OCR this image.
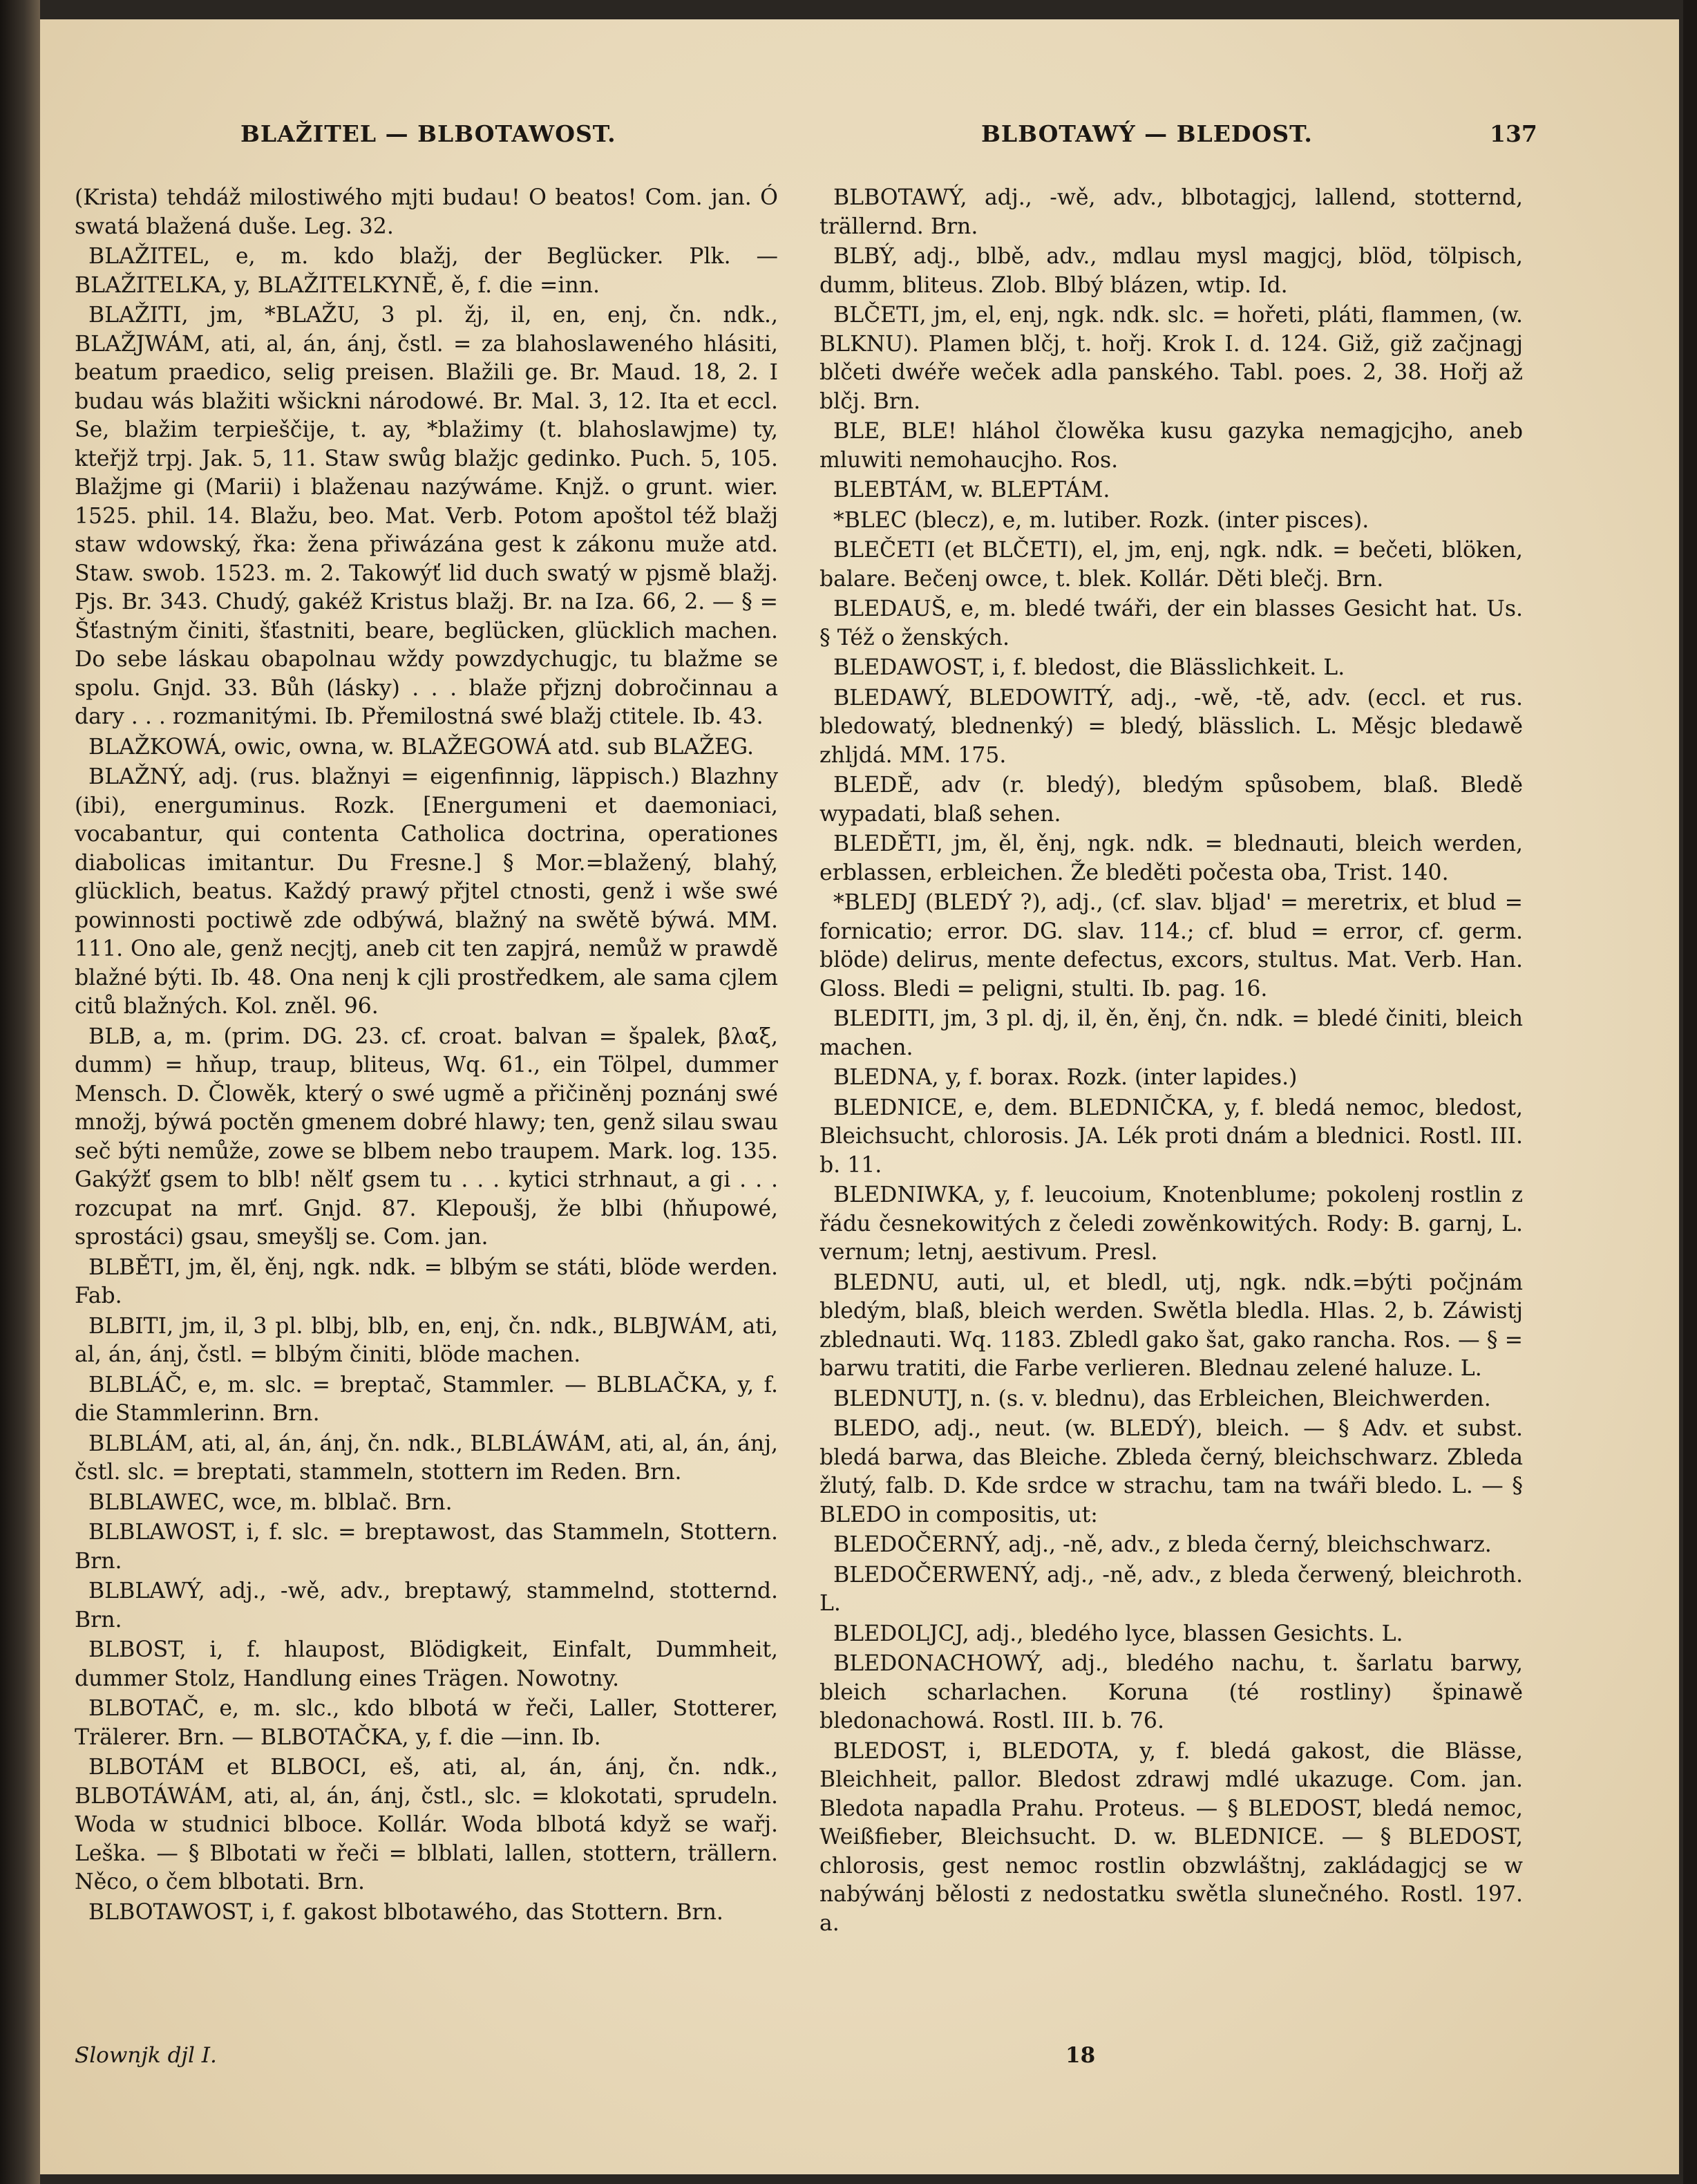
BLAŽITEL — BLBOTAWOST.	BLBOTAWÝ — BLEDOST.	137

(Krista) tehdáž milostiwého mjti budau! O beatos! Com. jan. Ó swatá blažená duše. Leg. 32.

BLAŽITEL, e, m. kdo blažj, der Beglücker. Plk. — BLAŽITELKA, y, BLAŽITELKYNĚ, ě, f. die =inn.

BLAŽITI, jm, *BLAŽU, 3 pl. žj, il, en, enj, čn. ndk., BLAŽJWÁM, ati, al, án, ánj, čstl. = za blahoslawenéhо hlásiti, beatum praedico, selig preisen. Blažili ge. Br. Maud. 18, 2. I budau wás blažiti wšickni národowé. Br. Mal. 3, 12. Ita et eccl. Se, blažim terpieščije, t. ay, *blažimy (t. blahoslawjme) ty, kteřjž trpj. Jak. 5, 11. Staw swůg blažjc gedinko. Puch. 5, 105. Blažjme gi (Marii) i blaženau nazýwáme. Knjž. o grunt. wier. 1525. phil. 14. Blažu, beo. Mat. Verb. Potom apoštol též blažj staw wdowský, řka: žena přiwázána gest k zákonu muže atd. Staw. swob. 1523. m. 2. Takowýť lid duch swatý w pjsmě blažj. Pjs. Br. 343. Chudý, gakéž Kristus blažj. Br. na Iza. 66, 2. — § = Šťastným činiti, šťastniti, beare, beglücken, glücklich machen. Do sebe láskau obapolnau wždy powzdychugjc, tu blažme se spolu. Gnjd. 33. Bůh (lásky) . . . blaže přjznj dobročinnau a dary . . . rozmanitými. Ib. Přemilostná swé blažj ctitele. Ib. 43.

BLAŽKOWÁ, owic, owna, w. BLAŽEGOWÁ atd. sub BLAŽEG.

BLAŽNÝ, adj. (rus. blažnyi = eigenfinnig, läppisch.) Blazhny (ibi), energuminus. Rozk. [Energumeni et daemoniaci, vocabantur, qui contenta Catholica doctrina, operationes diabolicas imitantur. Du Fresne.] § Mor.=blažený, blahý, glücklich, beatus. Každý prawý přjtel ctnosti, genž i wše swé powinnosti poctiwě zde odbýwá, blažný na swětě býwá. MM. 111. Ono ale, genž necjtj, aneb cit ten zapjrá, nemůž w prawdě blažné býti. Ib. 48. Ona nenj k cjli prostředkem, ale sama cjlem citů blažných. Kol. zněl. 96.

BLB, a, m. (prim. DG. 23. cf. croat. balvan = špalek, βλαξ, dumm) = hňup, traup, bliteus, Wq. 61., ein Tölpel, dummer Mensch. D. Člowěk, který o swé ugmě a přičiněnj poznánj swé množj, býwá poctěn gmenem dobré hlawy; ten, genž silau swau seč býti nemůže, zowe se blbem nebo traupem. Mark. log. 135. Gakýžť gsem to blb! nělť gsem tu . . . kytici strhnaut, a gi . . . rozcupat na mrť. Gnjd. 87. Klepoušj, že blbi (hňupowé, sprostáci) gsau, smeyšlj se. Com. jan.

BLBĚTI, jm, ěl, ěnj, ngk. ndk. = blbým se státi, blöde werden. Fab.

BLBITI, jm, il, 3 pl. blbj, blb, en, enj, čn. ndk., BLBJWÁM, ati, al, án, ánj, čstl. = blbým činiti, blöde machen.

BLBLÁČ, e, m. slc. = breptač, Stammler. — BLBLAČKA, y, f. die Stammlerinn. Brn.

BLBLÁM, ati, al, án, ánj, čn. ndk., BLBLÁWÁM, ati, al, án, ánj, čstl. slc. = breptati, stammeln, stottern im Reden. Brn.

BLBLAWEC, wce, m. blblač. Brn.

BLBLAWOST, i, f. slc. = breptawost, das Stammeln, Stottern. Brn.

BLBLAWÝ, adj., -wě, adv., breptawý, stammelnd, stotternd. Brn.

BLBOST, i, f. hlaupost, Blödigkeit, Einfalt, Dummheit, dummer Stolz, Handlung eines Trägen. Nowotny.

BLBOTAČ, e, m. slc., kdo blbotá w řeči, Laller, Stotterer, Trälerer. Brn. — BLBOTAČKA, y, f. die —inn. Ib.

BLBOTÁM et BLBOCI, eš, ati, al, án, ánj, čn. ndk., BLBOTÁWÁM, ati, al, án, ánj, čstl., slc. = klokotati, sprudeln. Woda w studnici blboce. Kollár. Woda blbotá když se wařj. Leška. — § Blbotati w řeči = blblati, lallen, stottern, trällern. Něco, o čem blbotati. Brn.

BLBOTAWOST, i, f. gakost blbotawého, das Stottern. Brn.

BLBOTAWÝ, adj., -wě, adv., blbotagjcj, lallend, stotternd, trällernd. Brn.

BLBÝ, adj., blbě, adv., mdlau mysl magjcj, blöd, tölpisch, dumm, bliteus. Zlob. Blbý blázen, wtip. Id.

BLČETI, jm, el, enj, ngk. ndk. slc. = hořeti, pláti, flammen, (w. BLKNU). Plamen blčj, t. hořj. Krok I. d. 124. Giž, giž začjnagj blčeti dwéře weček adla panského. Tabl. poes. 2, 38. Hořj až blčj. Brn.

BLE, BLE! hláhol člowěka kusu gazyka nemagjcjho, aneb mluwiti nemohaucjho. Ros.

BLEBTÁM, w. BLEPTÁM.

*BLEC (blecz), e, m. lutiber. Rozk. (inter pisces).

BLEČETI (et BLČETI), el, jm, enj, ngk. ndk. = bečeti, blöken, balare. Bečenj owce, t. blek. Kollár. Děti blečj. Brn.

BLEDAUŠ, e, m. bledé twáři, der ein blasses Gesicht hat. Us. § Též o ženských.

BLEDAWOST, i, f. bledost, die Blässlichkeit. L.

BLEDAWÝ, BLEDOWITÝ, adj., -wě, -tě, adv. (eccl. et rus. bledowatý, blednenký) = bledý, blässlich. L. Měsjc bledawě zhljdá. MM. 175.

BLEDĚ, adv (r. bledý), bledým spůsobem, blaß. Bledě wypadati, blaß sehen.

BLEDĚTI, jm, ěl, ěnj, ngk. ndk. = blednauti, bleich werden, erblassen, erbleichen. Že bleděti počesta oba, Trist. 140.

*BLEDJ (BLEDÝ ?), adj., (cf. slav. bljad' = meretrix, et blud = fornicatio; error. DG. slav. 114.; cf. blud = error, cf. germ. blöde) delirus, mente defectus, excors, stultus. Mat. Verb. Han. Gloss. Bledi = peligni, stulti. Ib. pag. 16.

BLEDITI, jm, 3 pl. dj, il, ěn, ěnj, čn. ndk. = bledé činiti, bleich machen.

BLEDNA, y, f. borax. Rozk. (inter lapides.)

BLEDNICE, e, dem. BLEDNIČKA, y, f. bledá nemoc, bledost, Bleichsucht, chlorosis. JA. Lék proti dnám a blednici. Rostl. III. b. 11.

BLEDNIWKA, y, f. leucoium, Knotenblume; pokolenj rostlin z řádu česnekowitých z čeledi zowěnkowitých. Rody: B. garnj, L. vernum; letnj, aestivum. Presl.

BLEDNU, auti, ul, et bledl, utj, ngk. ndk.=býti počjnám bledým, blaß, bleich werden. Swětla bledla. Hlas. 2, b. Záwistj zblednauti. Wq. 1183. Zbledl gako šat, gako rancha. Ros. — § = barwu tratiti, die Farbe verlieren. Blednau zelené haluze. L.

BLEDNUTJ, n. (s. v. blednu), das Erbleichen, Bleichwerden.

BLEDO, adj., neut. (w. BLEDÝ), bleich. — § Adv. et subst. bledá barwa, das Bleiche. Zbleda černý, bleichschwarz. Zbleda žlutý, falb. D. Kde srdce w strachu, tam na twáři bledo. L. — § BLEDO in compositis, ut:

BLEDOČERNÝ, adj., -ně, adv., z bleda černý, bleichschwarz.

BLEDOČERWENÝ, adj., -ně, adv., z bleda čerwený, bleichroth. L.

BLEDOLJCJ, adj., bledého lyce, blassen Gesichts. L.

BLEDONACHOWÝ, adj., bledého nachu, t. šarlatu barwy, bleich scharlachen. Koruna (té rostliny) špinawě bledonachowá. Rostl. III. b. 76.

BLEDOST, i, BLEDOTA, y, f. bledá gakost, die Blässe, Bleichheit, pallor. Bledost zdrawj mdlé ukazuge. Com. jan. Bledota napadla Prahu. Proteus. — § BLEDOST, bledá nemoc, Weißfieber, Bleichsucht. D. w. BLEDNICE. — § BLEDOST, chlorosis, gest nemoc rostlin obzwláštnj, zakládagjcj se w nabýwánj bělosti z nedostatku swětla slunečného. Rostl. 197. a.

Slownjk djl I.	18
